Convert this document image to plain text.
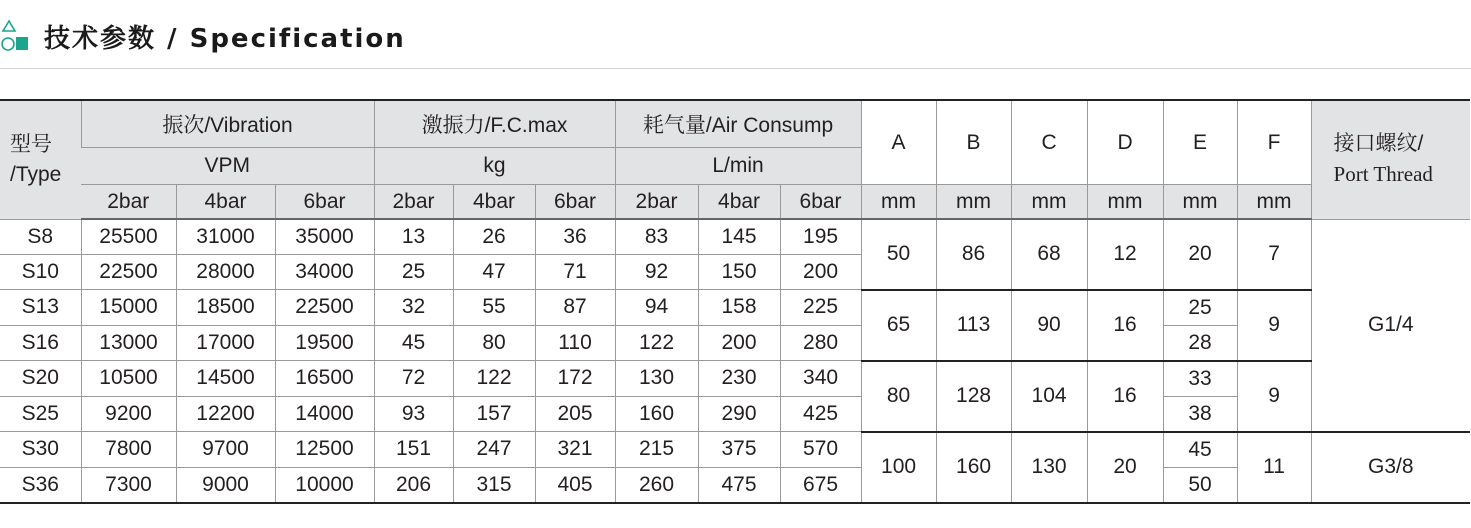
技术参数 / Specification
型号
/Type	振次/Vibration			激振力/F.C.max			耗气量/Air Consump			A	B	C	D	E	F	接口螺纹/
Port Thread
	VPM			kg			L/min									
	2bar	4bar	6bar	2bar	4bar	6bar	2bar	4bar	6bar	mm	mm	mm	mm	mm	mm	
S8	25500	31000	35000	13	26	36	83	145	195	50	86	68	12	20	7	G1/4
S10	22500	28000	34000	25	47	71	92	150	200							
S13	15000	18500	22500	32	55	87	94	158	225	65	113	90	16	25	9	
S16	13000	17000	19500	45	80	110	122	200	280					28		
S20	10500	14500	16500	72	122	172	130	230	340	80	128	104	16	33	9	
S25	9200	12200	14000	93	157	205	160	290	425					38		
S30	7800	9700	12500	151	247	321	215	375	570	100	160	130	20	45	11	G3/8
S36	7300	9000	10000	206	315	405	260	475	675					50		
